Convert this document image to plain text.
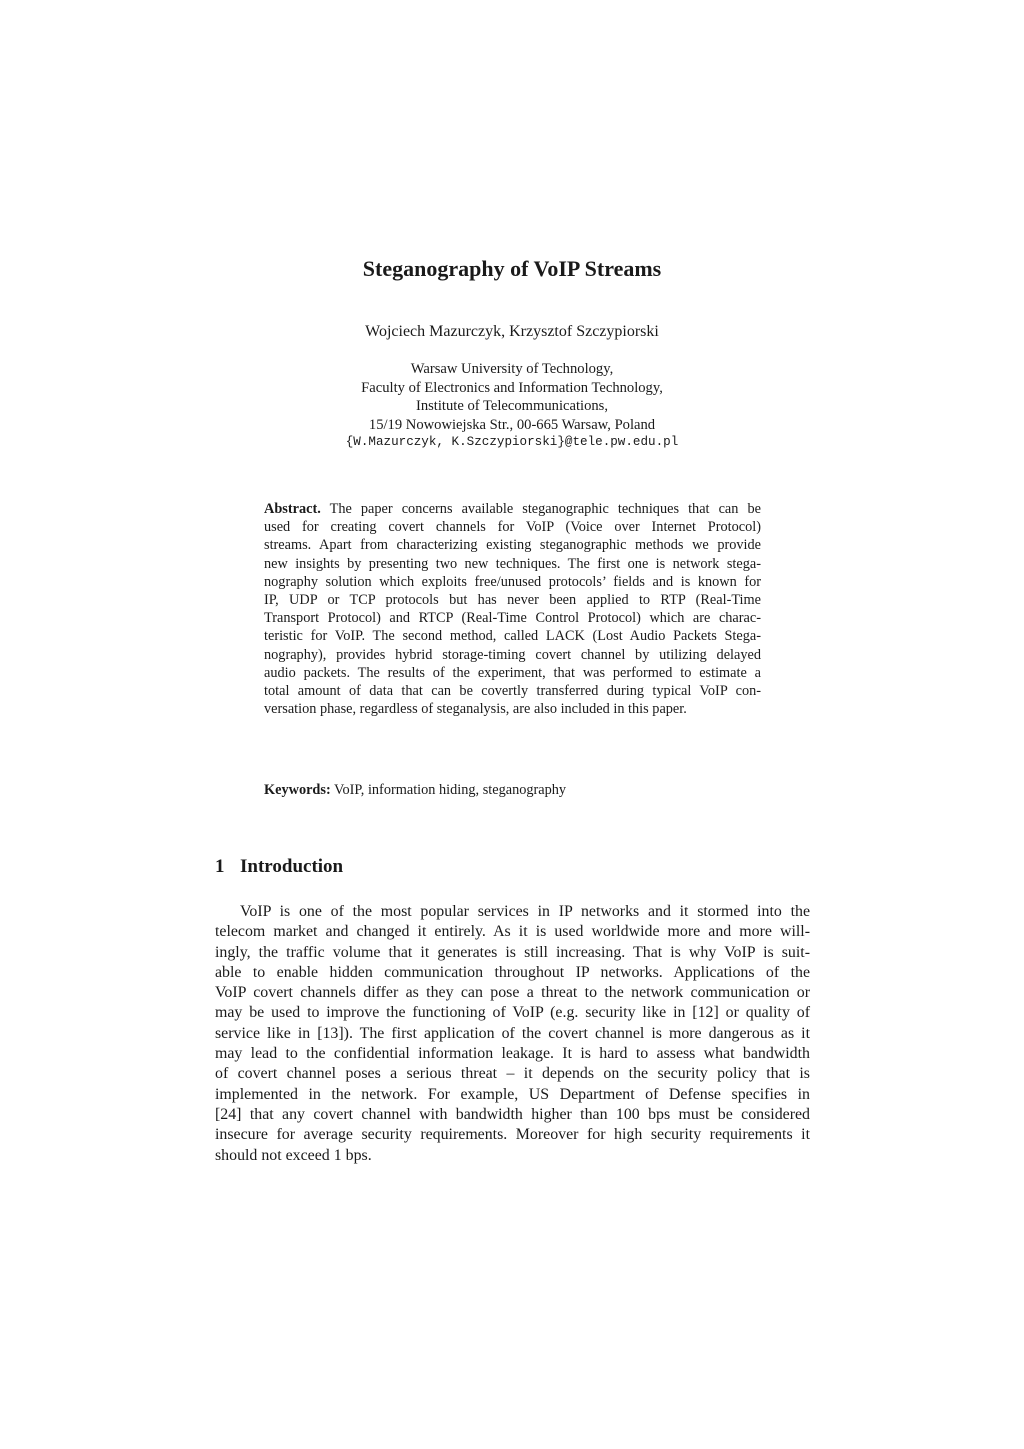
Steganography of VoIP Streams
Wojciech Mazurczyk, Krzysztof Szczypiorski
Warsaw University of Technology,
Faculty of Electronics and Information Technology,
Institute of Telecommunications,
15/19 Nowowiejska Str., 00-665 Warsaw, Poland
{W.Mazurczyk, K.Szczypiorski}@tele.pw.edu.pl
Abstract. The paper concerns available steganographic techniques that can be
used for creating covert channels for VoIP (Voice over Internet Protocol)
streams. Apart from characterizing existing steganographic methods we provide
new insights by presenting two new techniques. The first one is network stega-
nography solution which exploits free/unused protocols’ fields and is known for
IP, UDP or TCP protocols but has never been applied to RTP (Real-Time
Transport Protocol) and RTCP (Real-Time Control Protocol) which are charac-
teristic for VoIP. The second method, called LACK (Lost Audio Packets Stega-
nography), provides hybrid storage-timing covert channel by utilizing delayed
audio packets. The results of the experiment, that was performed to estimate a
total amount of data that can be covertly transferred during typical VoIP con-
versation phase, regardless of steganalysis, are also included in this paper.
Keywords: VoIP, information hiding, steganography
1 Introduction
VoIP is one of the most popular services in IP networks and it stormed into the
telecom market and changed it entirely. As it is used worldwide more and more will-
ingly, the traffic volume that it generates is still increasing. That is why VoIP is suit-
able to enable hidden communication throughout IP networks. Applications of the
VoIP covert channels differ as they can pose a threat to the network communication or
may be used to improve the functioning of VoIP (e.g. security like in [12] or quality of
service like in [13]). The first application of the covert channel is more dangerous as it
may lead to the confidential information leakage. It is hard to assess what bandwidth
of covert channel poses a serious threat – it depends on the security policy that is
implemented in the network. For example, US Department of Defense specifies in
[24] that any covert channel with bandwidth higher than 100 bps must be considered
insecure for average security requirements. Moreover for high security requirements it
should not exceed 1 bps.
